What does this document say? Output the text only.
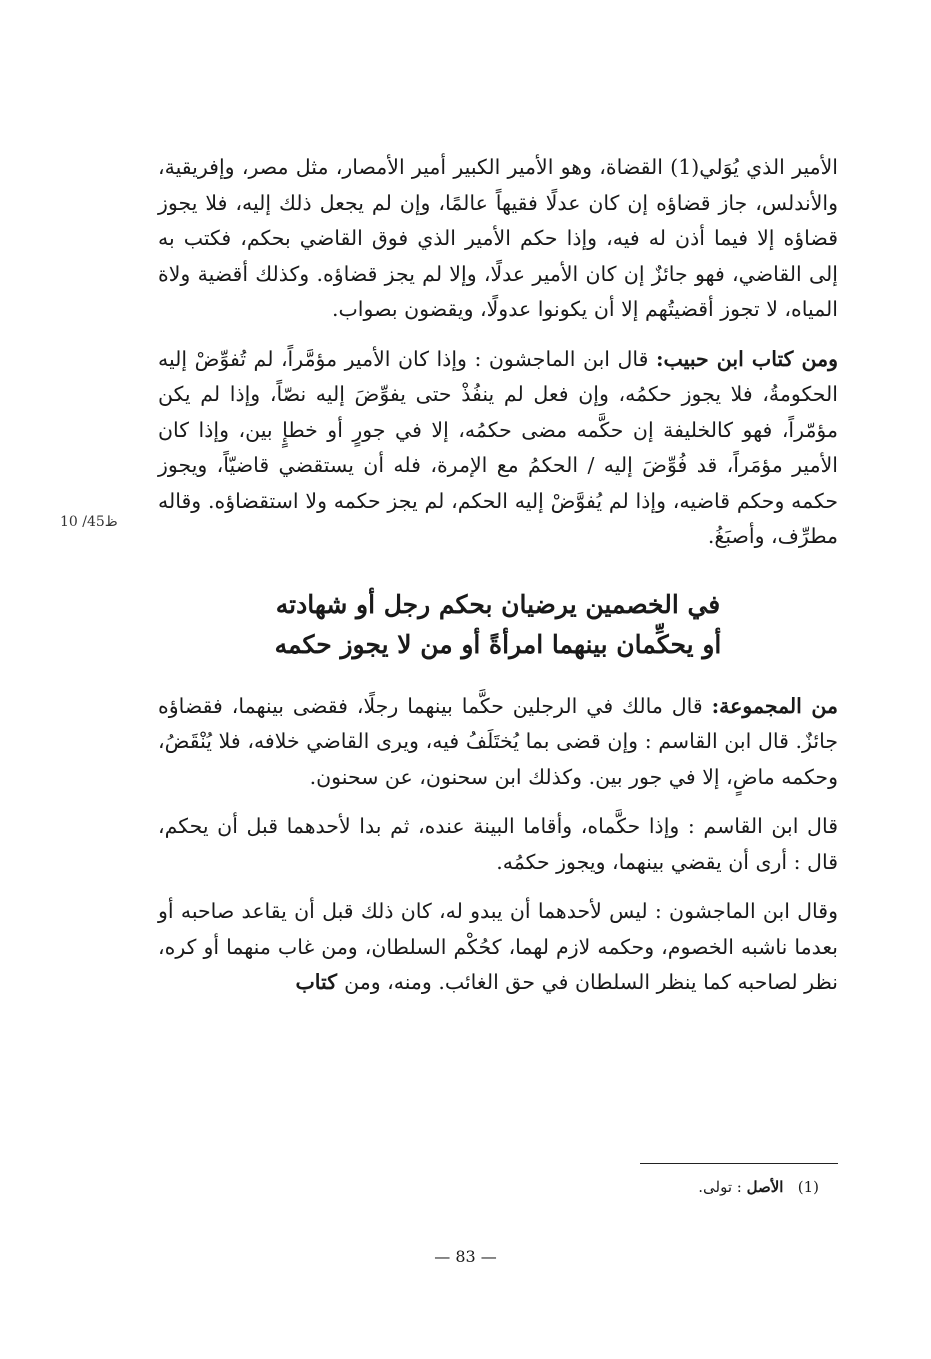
الأمير الذي يُوَلي(1) القضاة، وهو الأمير الكبير أمير الأمصار، مثل مصر، وإفريقية، والأندلس، جاز قضاؤه إن كان عدلًا فقيهاً عالمًا، وإن لم يجعل ذلك إليه، فلا يجوز قضاؤه إلا فيما أذن له فيه، وإذا حكم الأمير الذي فوق القاضي بحكم، فكتب به إلى القاضي، فهو جائزٌ إن كان الأمير عدلًا، وإلا لم يجز قضاؤه. وكذلك أقضية ولاة المياه، لا تجوز أقضيتُهم إلا أن يكونوا عدولًا، ويقضون بصواب.

ومن كتاب ابن حبيب: قال ابن الماجشون : وإذا كان الأمير مؤمَّراً، لم تُفوِّضْ إليه الحكومةُ، فلا يجوز حكمُه، وإن فعل لم ينفُذْ حتى يفوِّضَ إليه نصّاً، وإذا لم يكن مؤمّراً، فهو كالخليفة إن حكَّمه مضى حكمُه، إلا في جورٍ أو خطإٍ بين، وإذا كان الأمير مؤمَراً، قد فُوِّضَ إليه / الحكمُ مع الإمرة، فله أن يستقضي قاضيّاً، ويجوز حكمه وحكم قاضيه، وإذا لم يُفوَّضْ إليه الحكم، لم يجز حكمه ولا استقضاؤه. وقاله مطرِّف، وأصبَغُ.

في الخصمين يرضيان بحكم رجل أو شهادته
أو يحكِّمان بينهما امرأةً أو من لا يجوز حكمه

من المجموعة: قال مالك في الرجلين حكَّما بينهما رجلًا، فقضى بينهما، فقضاؤه جائزٌ. قال ابن القاسم : وإن قضى بما يُختَلَفُ فيه، ويرى القاضي خلافه، فلا يُنْقَضُ، وحكمه ماضٍ، إلا في جور بين. وكذلك ابن سحنون، عن سحنون.

قال ابن القاسم : وإذا حكَّماه، وأقاما البينة عنده، ثم بدا لأحدهما قبل أن يحكم، قال : أرى أن يقضي بينهما، ويجوز حكمُه.

وقال ابن الماجشون : ليس لأحدهما أن يبدو له، كان ذلك قبل أن يقاعد صاحبه أو بعدما ناشبه الخصوم، وحكمه لازم لهما، كحُكْم السلطان، ومن غاب منهما أو كره، نظر لصاحبه كما ينظر السلطان في حق الغائب. ومنه، ومن كتاب

10 /45ظ
(1)   الأصل : تولى.
— 83 —
